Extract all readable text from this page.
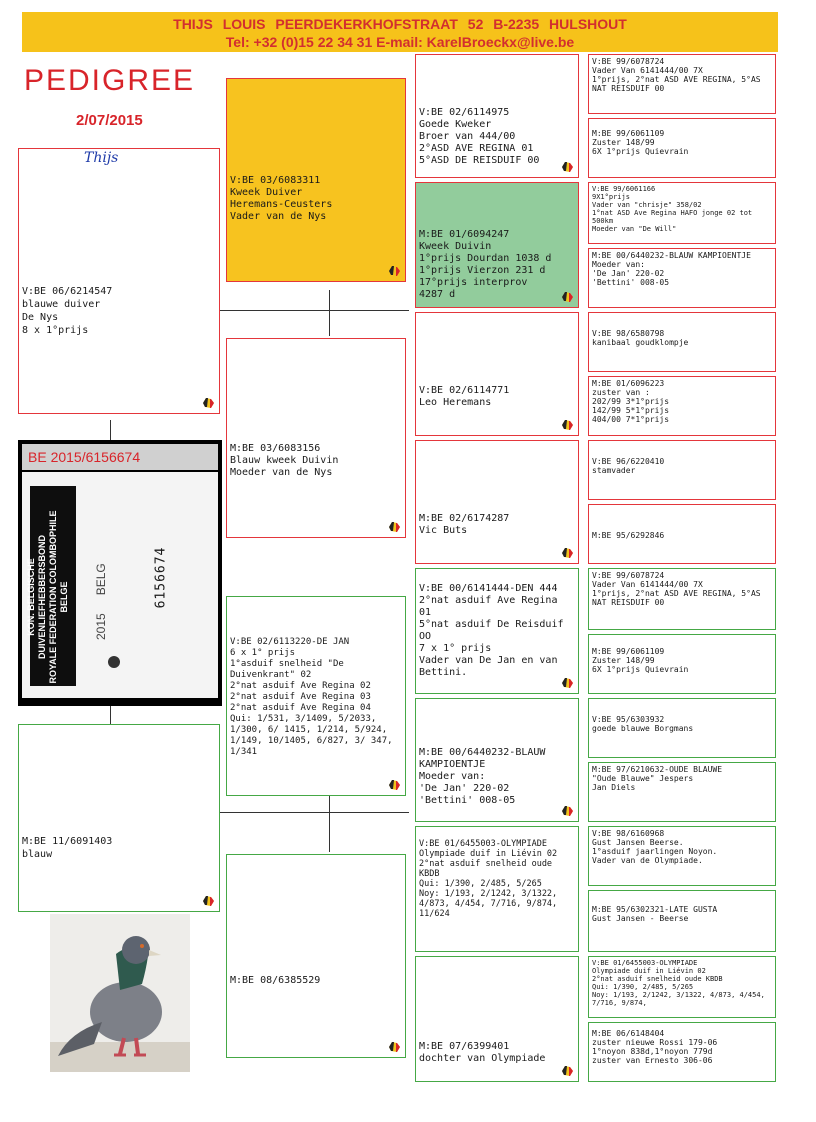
THIJS LOUIS PEERDEKERKHOFSTRAAT 52 B-2235 HULSHOUT
Tel: +32 (0)15 22 34 31 E-mail: KarelBroeckx@live.be
PEDIGREE
2/07/2015

V:BE 06/6214547
blauwe duiver
De Nys
8 x 1°prijs

Thijs

M:BE 11/6091403
blauw

BE 2015/6156674
KON. BELGISCHE DUIVENLIEFHEBBERSBOND ROYALE FEDERATION COLOMBOPHILE BELGE
2015
BELG	6156674

V:BE 03/6083311
Kweek Duiver
Heremans-Ceusters
Vader van de Nys

M:BE 03/6083156
Blauw kweek Duivin
Moeder van de Nys

V:BE 02/6113220-DE JAN
6 x 1° prijs
1°asduif snelheid "De Duivenkrant" 02
2°nat asduif Ave Regina 02
2°nat asduif Ave Regina 03
2°nat asduif Ave Regina 04
Qui: 1/531, 3/1409, 5/2033, 1/300, 6/ 1415, 1/214, 5/924, 1/149, 10/1405, 6/827, 3/ 347, 1/341

M:BE 08/6385529

V:BE 02/6114975
Goede Kweker
Broer van 444/00
2°ASD AVE REGINA 01
5°ASD DE REISDUIF 00

M:BE 01/6094247
Kweek Duivin
1°prijs Dourdan 1038 d
1°prijs Vierzon 231 d
17°prijs interprov
4287 d

V:BE 02/6114771
Leo Heremans

M:BE 02/6174287
Vic Buts

V:BE 00/6141444-DEN 444
2°nat asduif Ave Regina 01
5°nat asduif De Reisduif OO
7 x 1° prijs
Vader van De Jan en van Bettini.

M:BE 00/6440232-BLAUW KAMPIOENTJE
Moeder van:
'De Jan' 220-02
'Bettini' 008-05

V:BE 01/6455003-OLYMPIADE
Olympiade duif in Liévin 02
2°nat asduif snelheid oude KBDB
Qui: 1/390, 2/485, 5/265
Noy: 1/193, 2/1242, 3/1322, 4/873, 4/454, 7/716, 9/874, 11/624

M:BE 07/6399401
dochter van Olympiade

V:BE 99/6078724
Vader Van 6141444/00 7X
1°prijs, 2°nat ASD AVE REGINA, 5°AS NAT REISDUIF 00
M:BE 99/6061109
Zuster 148/99
6X 1°prijs Quievrain
V:BE 99/6061166
9X1°prijs
Vader van "chrisje" 358/02
1°nat ASD Ave Regina HAFO jonge 02 tot 500km
Moeder van "De Will"
M:BE 00/6440232-BLAUW KAMPIOENTJE
Moeder van:
'De Jan' 220-02
'Bettini' 008-05
V:BE 98/6580798
kanibaal goudklompje
M:BE 01/6096223
zuster van :
202/99 3*1°prijs
142/99 5*1°prijs
404/00 7*1°prijs
V:BE 96/6220410
stamvader
M:BE 95/6292846
V:BE 99/6078724
Vader Van 6141444/00 7X
1°prijs, 2°nat ASD AVE REGINA, 5°AS NAT REISDUIF 00
M:BE 99/6061109
Zuster 148/99
6X 1°prijs Quievrain
V:BE 95/6303932
goede blauwe Borgmans
M:BE 97/6210632-OUDE BLAUWE
"Oude Blauwe" Jespers
Jan Diels
V:BE 98/6160968
Gust Jansen Beerse.
1°asduif jaarlingen Noyon.
Vader van de Olympiade.
M:BE 95/6302321-LATE GUSTA
Gust Jansen - Beerse
V:BE 01/6455003-OLYMPIADE
Olympiade duif in Liévin 02
2°nat asduif snelheid oude KBDB
Qui: 1/390, 2/485, 5/265
Noy: 1/193, 2/1242, 3/1322, 4/873, 4/454, 7/716, 9/874,
M:BE 06/6148404
zuster nieuwe Rossi 179-06
1°noyon 838d,1°noyon 779d
zuster van Ernesto 306-06
